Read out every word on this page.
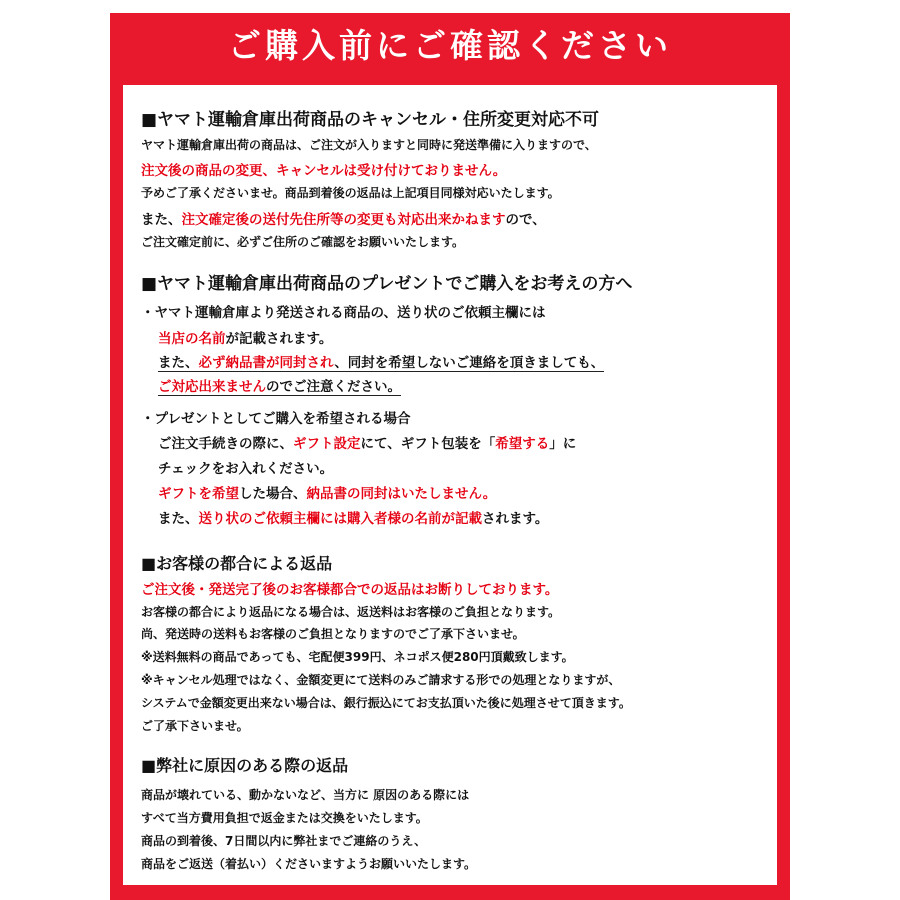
ご購入前にご確認ください
■ヤマト運輸倉庫出荷商品のキャンセル・住所変更対応不可
ヤマト運輸倉庫出荷の商品は、ご注文が入りますと同時に発送準備に入りますので、
注文後の商品の変更、キャンセルは受け付けておりません。
予めご了承くださいませ。商品到着後の返品は上記項目同様対応いたします。
また、注文確定後の送付先住所等の変更も対応出来かねますので、
ご注文確定前に、必ずご住所のご確認をお願いいたします。
■ヤマト運輸倉庫出荷商品のプレゼントでご購入をお考えの方へ
・ヤマト運輸倉庫より発送される商品の、送り状のご依頼主欄には
当店の名前が記載されます。
また、必ず納品書が同封され、同封を希望しないご連絡を頂きましても、
ご対応出来ませんのでご注意ください。
・プレゼントとしてご購入を希望される場合
ご注文手続きの際に、ギフト設定にて、ギフト包装を「希望する」に
チェックをお入れください。
ギフトを希望した場合、納品書の同封はいたしません。
また、送り状のご依頼主欄には購入者様の名前が記載されます。
■お客様の都合による返品
ご注文後・発送完了後のお客様都合での返品はお断りしております。
お客様の都合により返品になる場合は、返送料はお客様のご負担となります。
尚、発送時の送料もお客様のご負担となりますのでご了承下さいませ。
※送料無料の商品であっても、宅配便399円、ネコポス便280円頂戴致します。
※キャンセル処理ではなく、金額変更にて送料のみご請求する形での処理となりますが、
システムで金額変更出来ない場合は、銀行振込にてお支払頂いた後に処理させて頂きます。
ご了承下さいませ。
■弊社に原因のある際の返品
商品が壊れている、動かないなど、当方に 原因のある際には
すべて当方費用負担で返金または交換をいたします。
商品の到着後、7日間以内に弊社までご連絡のうえ、
商品をご返送（着払い）くださいますようお願いいたします。
